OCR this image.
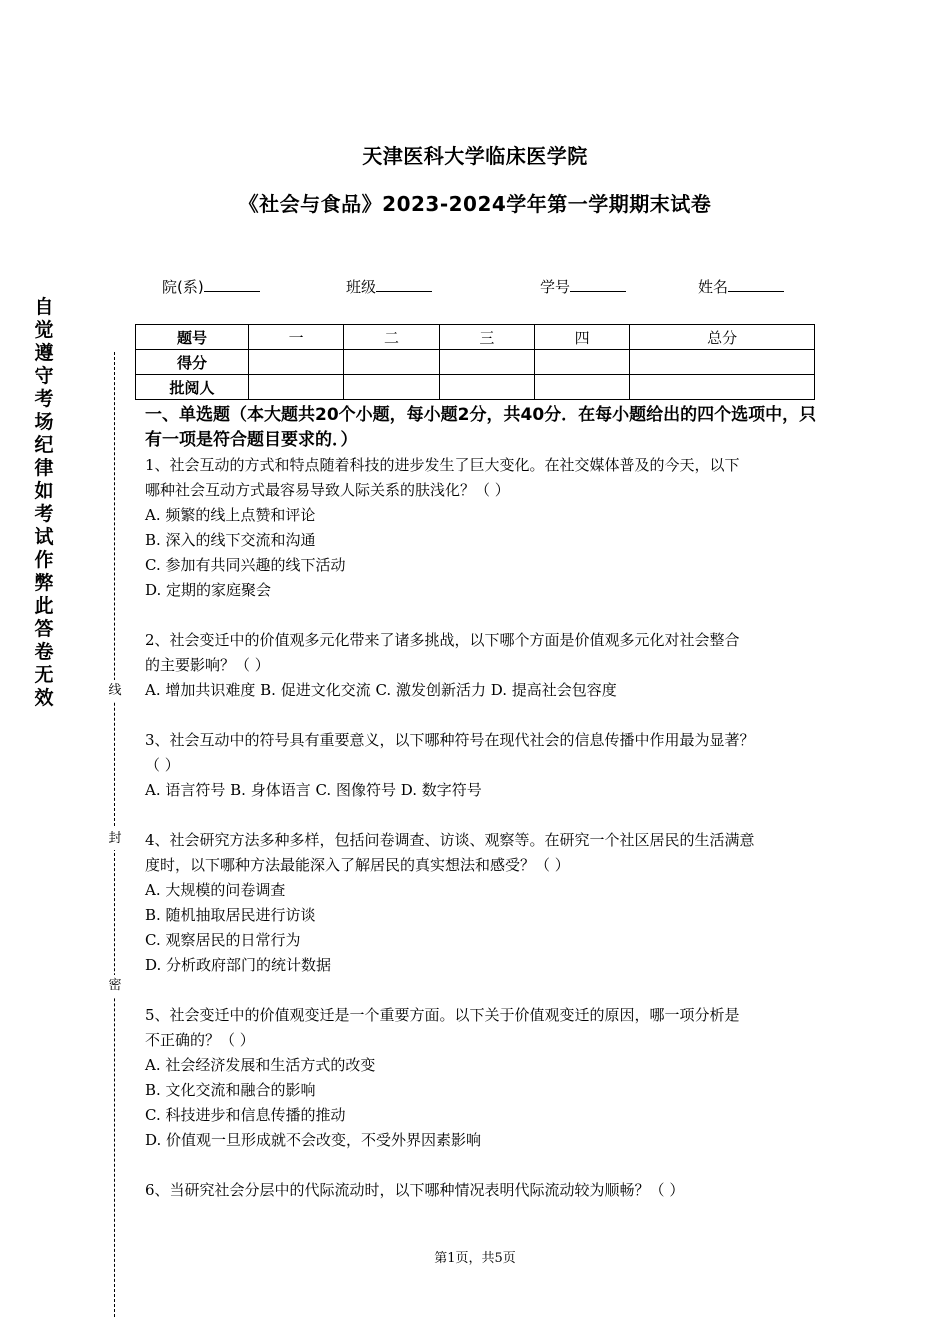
天津医科大学临床医学院
《社会与食品》2023-2024学年第一学期期末试卷
院(系)	班级	学号	姓名
题号	一	二	三	四	总分
得分					
批阅人					
自觉遵守考场纪律如考试作弊此答卷无效	线
封
密

一、单选题（本大题共20个小题，每小题2分，共40分．在每小题给出的四个选项中，只有一项是符合题目要求的．）

1、社会互动的方式和特点随着科技的进步发生了巨大变化。在社交媒体普及的今天，以下

哪种社会互动方式最容易导致人际关系的肤浅化？（ ）

A. 频繁的线上点赞和评论

B. 深入的线下交流和沟通

C. 参加有共同兴趣的线下活动

D. 定期的家庭聚会

2、社会变迁中的价值观多元化带来了诸多挑战，以下哪个方面是价值观多元化对社会整合

的主要影响？（ ）

A. 增加共识难度 B. 促进文化交流 C. 激发创新活力 D. 提高社会包容度

3、社会互动中的符号具有重要意义，以下哪种符号在现代社会的信息传播中作用最为显著？

（ ）

A. 语言符号 B. 身体语言 C. 图像符号 D. 数字符号

4、社会研究方法多种多样，包括问卷调查、访谈、观察等。在研究一个社区居民的生活满意

度时，以下哪种方法最能深入了解居民的真实想法和感受？（ ）

A. 大规模的问卷调查

B. 随机抽取居民进行访谈

C. 观察居民的日常行为

D. 分析政府部门的统计数据

5、社会变迁中的价值观变迁是一个重要方面。以下关于价值观变迁的原因，哪一项分析是

不正确的？（ ）

A. 社会经济发展和生活方式的改变

B. 文化交流和融合的影响

C. 科技进步和信息传播的推动

D. 价值观一旦形成就不会改变，不受外界因素影响

6、当研究社会分层中的代际流动时，以下哪种情况表明代际流动较为顺畅？（ ）

第1页，共5页
